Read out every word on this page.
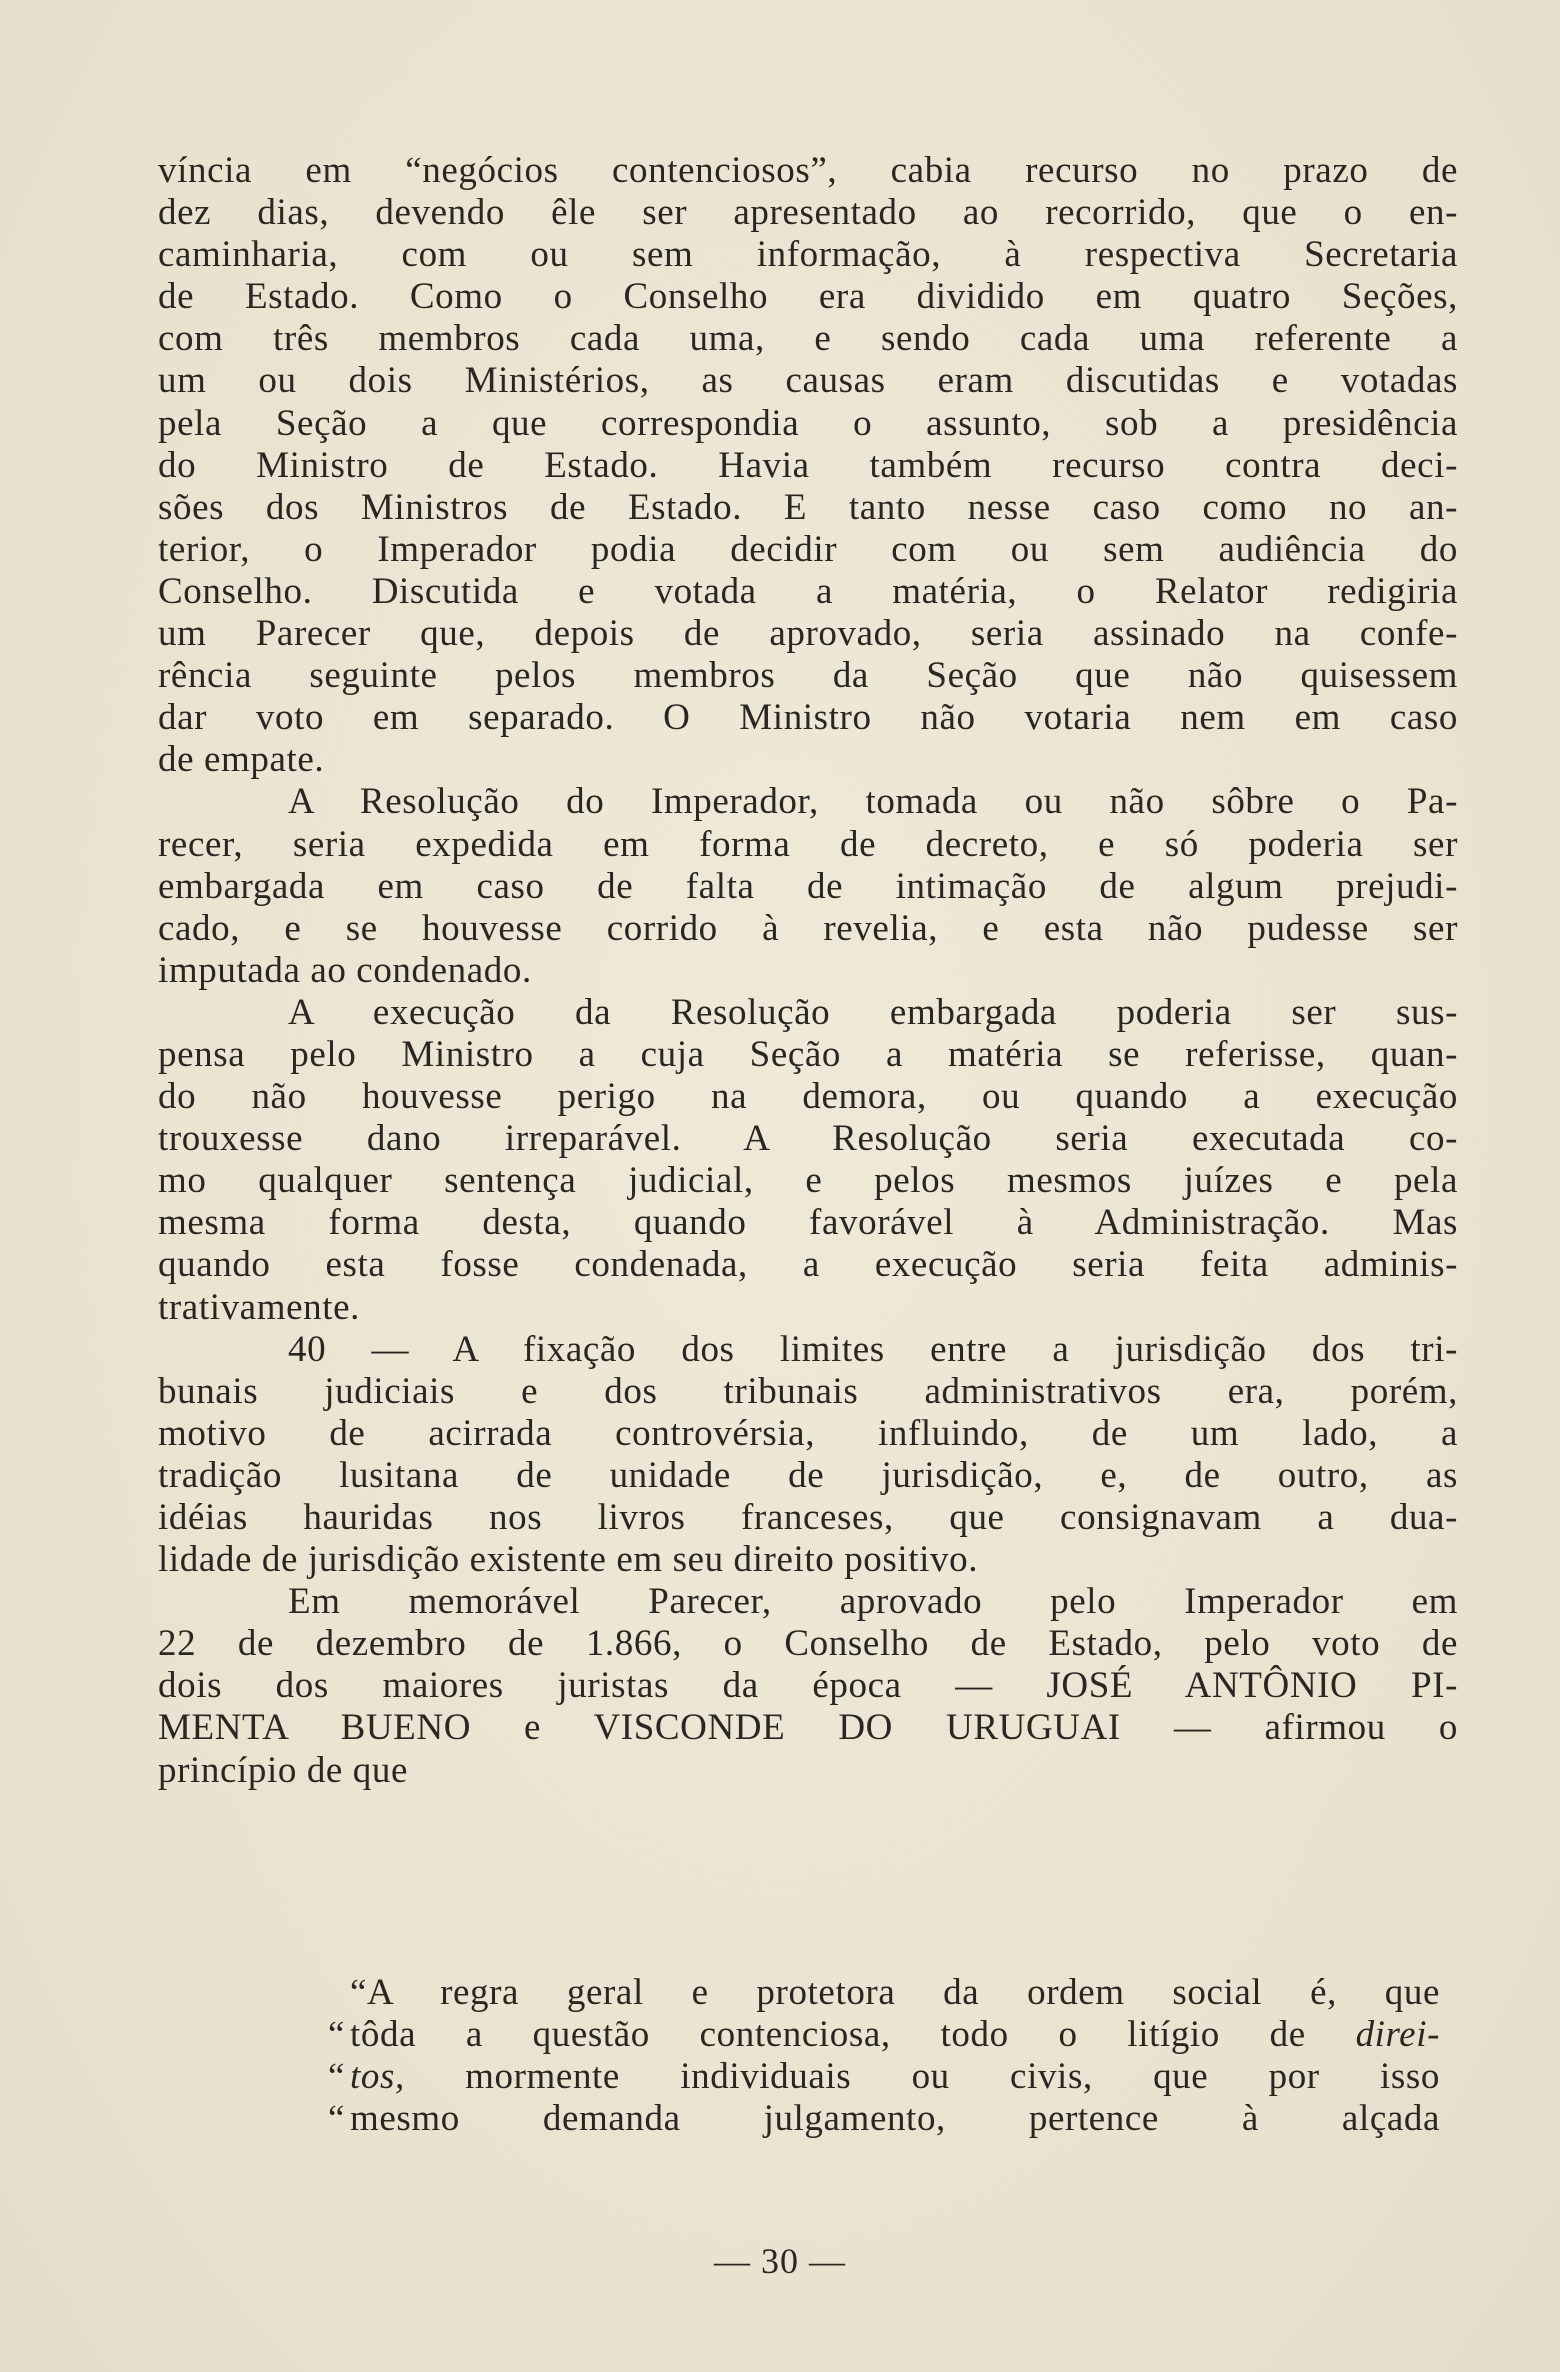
víncia em “negócios contenciosos”, cabia recurso no prazo de
dez dias, devendo êle ser apresentado ao recorrido, que o en-
caminharia, com ou sem informação, à respectiva Secretaria
de Estado. Como o Conselho era dividido em quatro Seções,
com três membros cada uma, e sendo cada uma referente a
um ou dois Ministérios, as causas eram discutidas e votadas
pela Seção a que correspondia o assunto, sob a presidência
do Ministro de Estado. Havia também recurso contra deci-
sões dos Ministros de Estado. E tanto nesse caso como no an-
terior, o Imperador podia decidir com ou sem audiência do
Conselho. Discutida e votada a matéria, o Relator redigiria
um Parecer que, depois de aprovado, seria assinado na confe-
rência seguinte pelos membros da Seção que não quisessem
dar voto em separado. O Ministro não votaria nem em caso
de empate.
A Resolução do Imperador, tomada ou não sôbre o Pa-
recer, seria expedida em forma de decreto, e só poderia ser
embargada em caso de falta de intimação de algum prejudi-
cado, e se houvesse corrido à revelia, e esta não pudesse ser
imputada ao condenado.
A execução da Resolução embargada poderia ser sus-
pensa pelo Ministro a cuja Seção a matéria se referisse, quan-
do não houvesse perigo na demora, ou quando a execução
trouxesse dano irreparável. A Resolução seria executada co-
mo qualquer sentença judicial, e pelos mesmos juízes e pela
mesma forma desta, quando favorável à Administração. Mas
quando esta fosse condenada, a execução seria feita adminis-
trativamente.
40 — A fixação dos limites entre a jurisdição dos tri-
bunais judiciais e dos tribunais administrativos era, porém,
motivo de acirrada controvérsia, influindo, de um lado, a
tradição lusitana de unidade de jurisdição, e, de outro, as
idéias hauridas nos livros franceses, que consignavam a dua-
lidade de jurisdição existente em seu direito positivo.
Em memorável Parecer, aprovado pelo Imperador em
22 de dezembro de 1.866, o Conselho de Estado, pelo voto de
dois dos maiores juristas da época — JOSÉ ANTÔNIO PI-
MENTA BUENO e VISCONDE DO URUGUAI — afirmou o
princípio de que
“A regra geral e protetora da ordem social é, que
“ tôda a questão contenciosa, todo o litígio de direi-
“ tos, mormente individuais ou civis, que por isso
“ mesmo demanda julgamento, pertence à alçada
— 30 —
